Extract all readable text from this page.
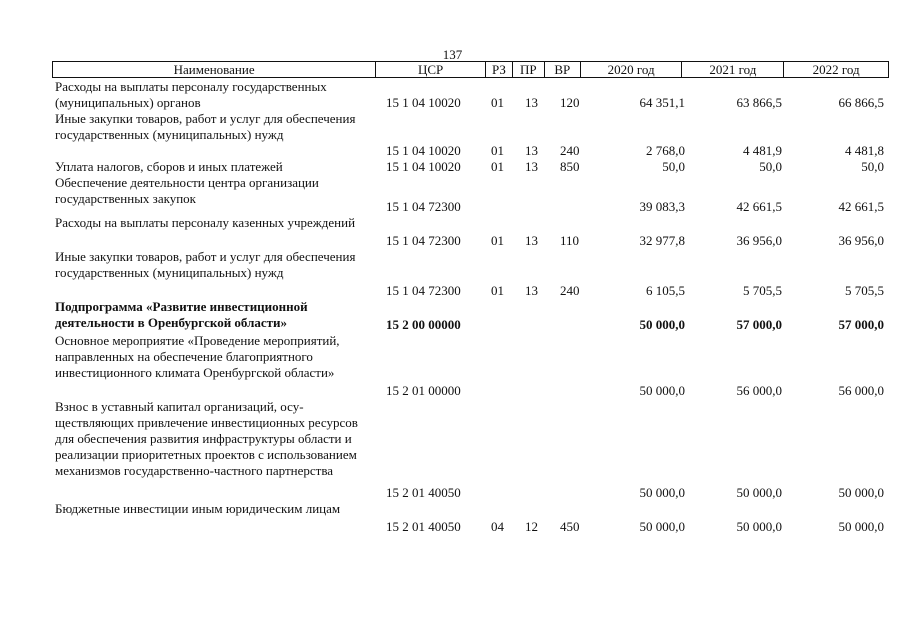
137
Наименование	ЦСР	РЗ	ПР	ВР	2020 год	2021 год	2022 год
Расходы на выплаты персоналу государственных (муниципальных) органов	15 1 04 10020 01 13 120	64 351,1	63 866,5	66 866,5
Иные закупки товаров, работ и услуг для обеспечения государственных (муниципальных) нужд
15 1 04 10020 01 13 240	2 768,0	4 481,9	4 481,8
Уплата налогов, сборов и иных платежей	15 1 04 10020 01 13 850	50,0	50,0	50,0
Обеспечение деятельности центра организации государственных закупок
15 1 04 72300	39 083,3	42 661,5	42 661,5
Расходы на выплаты персоналу казенных учреждений
15 1 04 72300 01 13 110	32 977,8	36 956,0	36 956,0
Иные закупки товаров, работ и услуг для обеспечения государственных (муниципальных) нужд
15 1 04 72300 01 13 240	6 105,5	5 705,5	5 705,5
Подпрограмма «Развитие инвестиционной деятельности в Оренбургской области»	15 2 00 00000	50 000,0	57 000,0	57 000,0
Основное мероприятие «Проведение мероприятий, направленных на обеспечение благоприятного инвестиционного климата Оренбургской области»
15 2 01 00000	50 000,0	56 000,0	56 000,0
Взнос в уставный капитал организаций, осуществляющих привлечение инвестиционных ресурсов для обеспечения развития инфраструктуры области и реализации приоритетных проектов с использованием механизмов государственно-частного партнерства
15 2 01 40050	50 000,0	50 000,0	50 000,0
Бюджетные инвестиции иным юридическим лицам
15 2 01 40050 04 12 450	50 000,0	50 000,0	50 000,0
